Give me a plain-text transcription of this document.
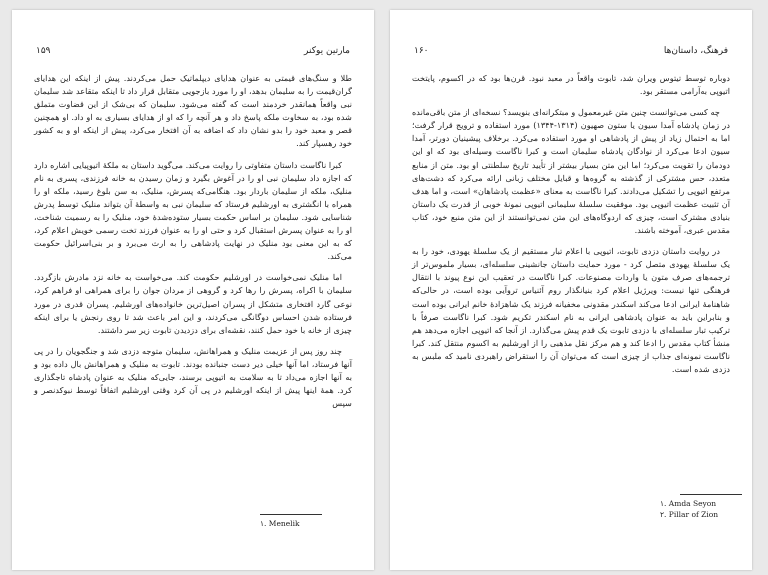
مارتین یوکنر
۱۵۹

طلا و سنگ‌های قیمتی به عنوان هدایای دیپلماتیک حمل می‌کردند. پیش از اینکه این هدایای گران‌قیمت را به سلیمان بدهد، او را مورد بازجویی متقابل قرار داد تا اینکه متقاعد شد سلیمان نبی واقعاً همانقدر خردمند است که گفته می‌شود. سلیمان که بی‌شک از این قضاوت متملق شده بود، به سخاوت ملکه پاسخ داد و هر آنچه را که او از هدایای بسیاری به او داد. او همچنین قصر و معبد خود را بدو نشان داد که اضافه به آن افتخار می‌کرد، پیش از اینکه او و به کشور خود رهسپار کند.

کبرا ناگاست داستان متفاوتی را روایت می‌کند. می‌گوید داستان به ملکهٔ اتیوپیایی اشاره دارد که اجازه داد سلیمان نبی او را در آغوش بگیرد و زمان رسیدن به خانه فرزندی، پسری به نام منلیک، ملکه از سلیمان باردار بود. هنگامی‌که پسرش، منلیک، به سن بلوغ رسید، ملکه او را همراه با انگشتری به اورشلیم فرستاد که سلیمان نبی به واسطهٔ آن بتواند منلیک توسط پدرش شناسایی شود. سلیمان بر اساس حکمت بسیار ستوده‌شدهٔ خود، منلیک را به رسمیت شناخت، او را به عنوان پسرش استقبال کرد و حتی او را به عنوان فرزند تخت رسمی خویش اعلام کرد، که به این معنی بود منلیک در نهایت پادشاهی را به ارث می‌برد و بر بنی‌اسرائیل حکومت می‌کند.

اما منلیک نمی‌خواست در اورشلیم حکومت کند. می‌خواست به خانه نزد مادرش بازگردد. سلیمان با اکراه، پسرش را رها کرد و گروهی از مردان جوان را برای همراهی او فراهم کرد، نوعی گارد افتخاری متشکل از پسران اصیل‌ترین خانواده‌های اورشلیم. پسران قدری در مورد فرستاده شدن احساس دوگانگی می‌کردند، و این امر باعث شد تا روی رنجش یا برای اینکه چیزی از خانه با خود حمل کنند، نقشه‌ای برای دزدیدن تابوت زیر سر داشتند.

چند روز پس از عزیمت منلیک و همراهانش، سلیمان متوجه دزدی شد و جنگجویان را در پی آنها فرستاد، اما آنها خیلی دیر دست جنبانده بودند. تابوت به منلیک و همراهانش بال داده بود و به آنها اجازه می‌داد تا به سلامت به اتیوپی برسند، جایی‌که منلیک به عنوان پادشاه تاجگذاری کرد. همهٔ اینها پیش از اینکه اورشلیم در پی آن کرد وقتی اورشلیم اتفاقاً توسط نبوکدنصر و سپس

۱. Menelik
فرهنگ، داستان‌ها
۱۶۰

دوباره توسط تیتوس ویران شد، تابوت واقعاً در معبد نبود. قرن‌ها بود که در اکسوم، پایتخت اتیوپی به‌آرامی مستقر بود.

چه کسی می‌توانست چنین متن غیرمعمول و مبتکرانه‌ای بنویسد؟ نسخه‌ای از متن باقی‌مانده در زمان پادشاه آمدا سیون یا ستون صهیون (۱۳۱۴-۱۳۴۴) مورد استفاده و ترویج قرار گرفت؛ اما به احتمال زیاد از پیش از پادشاهی او مورد استفاده می‌کرد. برخلاف پیشینیان دورتر، آمدا سیون ادعا می‌کرد از نوادگان پادشاه سلیمان است و کبرا ناگاست وسیله‌ای بود که او این دودمان را تقویت می‌کرد؛ اما این متن بسیار بیشتر از تأیید تاریخ سلطنتی او بود. متن از منابع متعدد، حس مشترکی از گذشته به گروه‌ها و قبایل مختلف زبانی ارائه می‌کرد که دشت‌های مرتفع اتیوپی را تشکیل می‌دادند. کبرا ناگاست به معنای «عظمت پادشاهان» است، و اما هدف آن تثبیت عظمت اتیوپی بود. موفقیت سلسلهٔ سلیمانی اتیوپی نمونهٔ خوبی از قدرت یک داستان بنیادی مشترک است، چیزی که اردوگاه‌های این متن نمی‌توانستند از این متن منبع خود، کتاب مقدس عبری، آموخته باشند.

در روایت داستان دزدی تابوت، اتیوپی با اعلام تبار مستقیم از یک سلسلهٔ یهودی، خود را به یک سلسلهٔ یهودی متصل کرد - مورد حمایت داستان جانشینی سلسله‌ای، بسیار ملموس‌تر از ترجمه‌های صرف متون یا واردات مصنوعات. کبرا ناگاست در تعقیب این نوع پیوند با انتقال فرهنگی تنها نیست: ویرژیل اعلام کرد بنیانگذار روم آئنیاس تروآیی بوده است، در حالی‌که شاهنامهٔ ایرانی ادعا می‌کند اسکندر مقدونی مخفیانه فرزند یک شاهزادهٔ خانم ایرانی بوده است و بنابراین باید به عنوان پادشاهی ایرانی به نام اسکندر تکریم شود. کبرا ناگاست صرفاً با ترکیب تبار سلسله‌ای با دزدی تابوت یک قدم پیش می‌گذارد. از آنجا که اتیوپی اجازه می‌دهد هم منشأ کتاب مقدس را ادعا کند و هم مرکز نقل مذهبی را از اورشلیم به اکسوم منتقل کند. کبرا ناگاست نمونه‌ای جذاب از چیزی است که می‌توان آن را استقراض راهبردی نامید که ملبس به دزدی شده است.

۱. Amda Seyon
۲. Pillar of Zion
